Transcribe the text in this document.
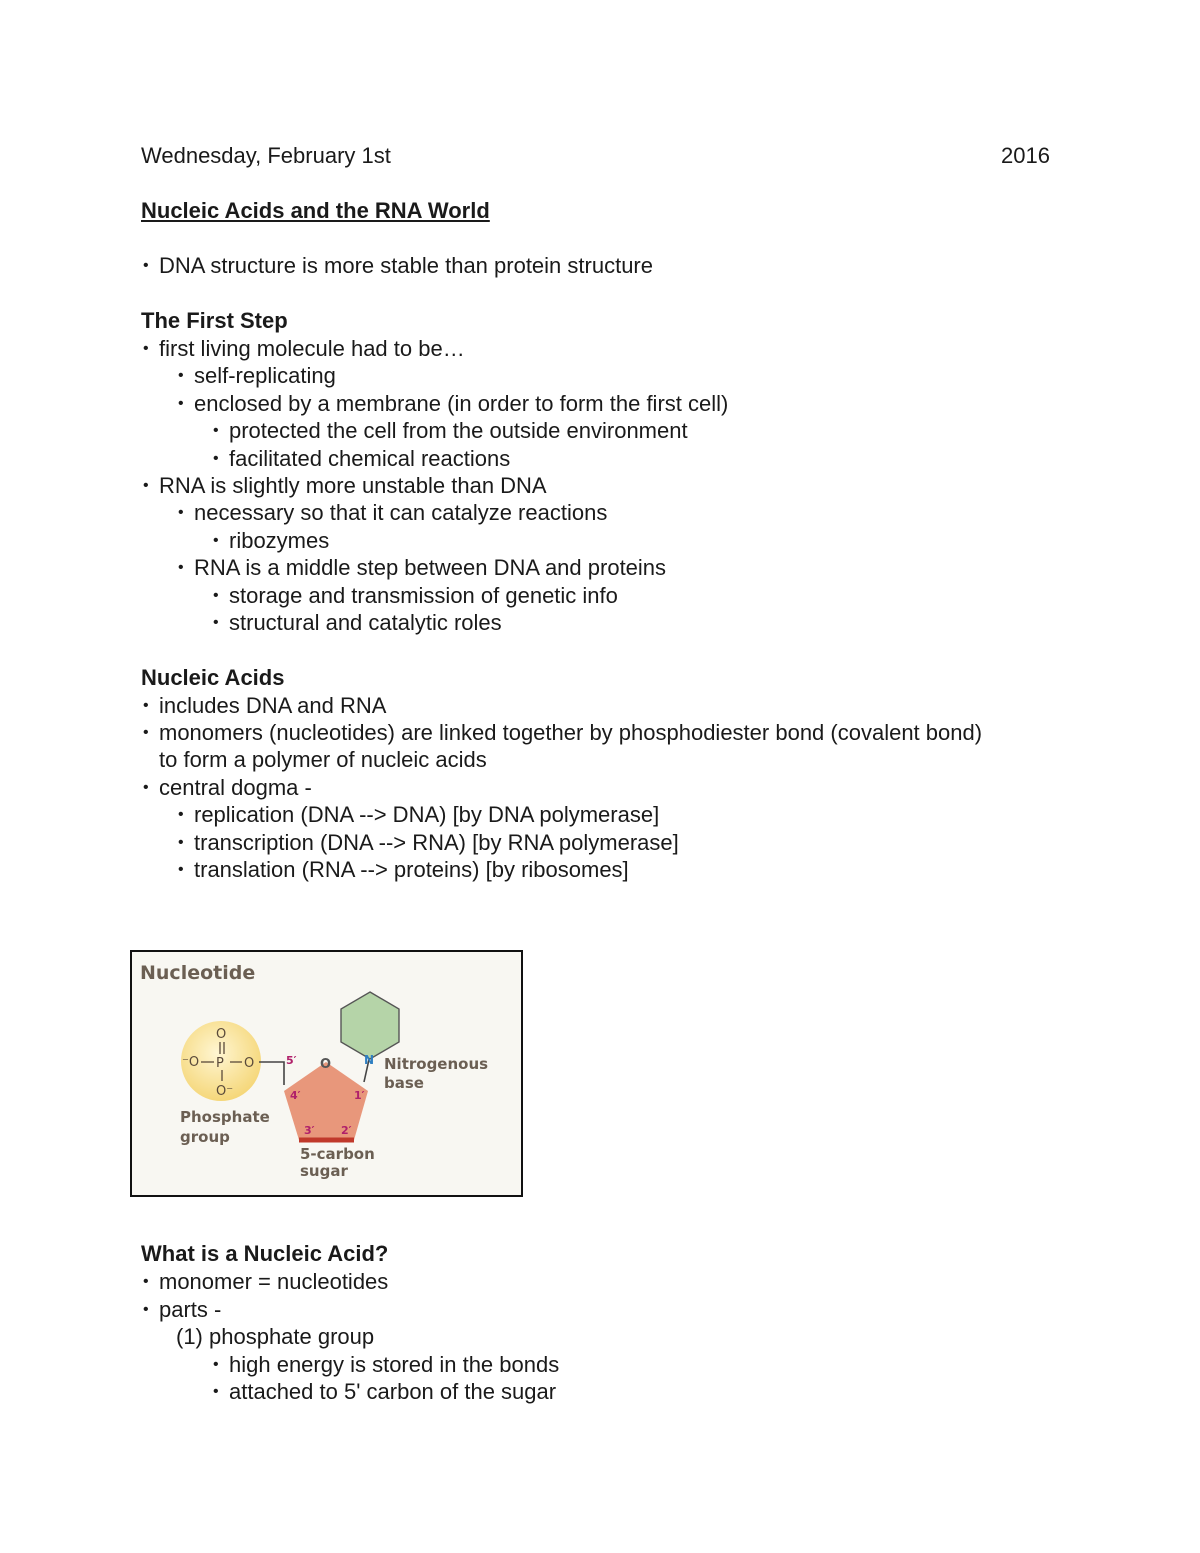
Wednesday, February 1st	2016
Nucleic Acids and the RNA World
• DNA structure is more stable than protein structure
The First Step
• first living molecule had to be…
• self-replicating
• enclosed by a membrane (in order to form the first cell)
• protected the cell from the outside environment
• facilitated chemical reactions
• RNA is slightly more unstable than DNA
• necessary so that it can catalyze reactions
• ribozymes
• RNA is a middle step between DNA and proteins
• storage and transmission of genetic info
• structural and catalytic roles
Nucleic Acids
• includes DNA and RNA
• monomers (nucleotides) are linked together by phosphodiester bond (covalent bond)
to form a polymer of nucleic acids
• central dogma -
• replication (DNA --> DNA) [by DNA polymerase]
• transcription (DNA --> RNA) [by RNA polymerase]
• translation (RNA --> proteins) [by ribosomes]
Nucleotide
O
⁻O P O
O⁻
O	N
5′
4′	1′
3′ 2′
Phosphate
group
5-carbon
sugar
Nitrogenous
base
What is a Nucleic Acid?
• monomer = nucleotides
• parts -
(1) phosphate group
• high energy is stored in the bonds
• attached to 5' carbon of the sugar
